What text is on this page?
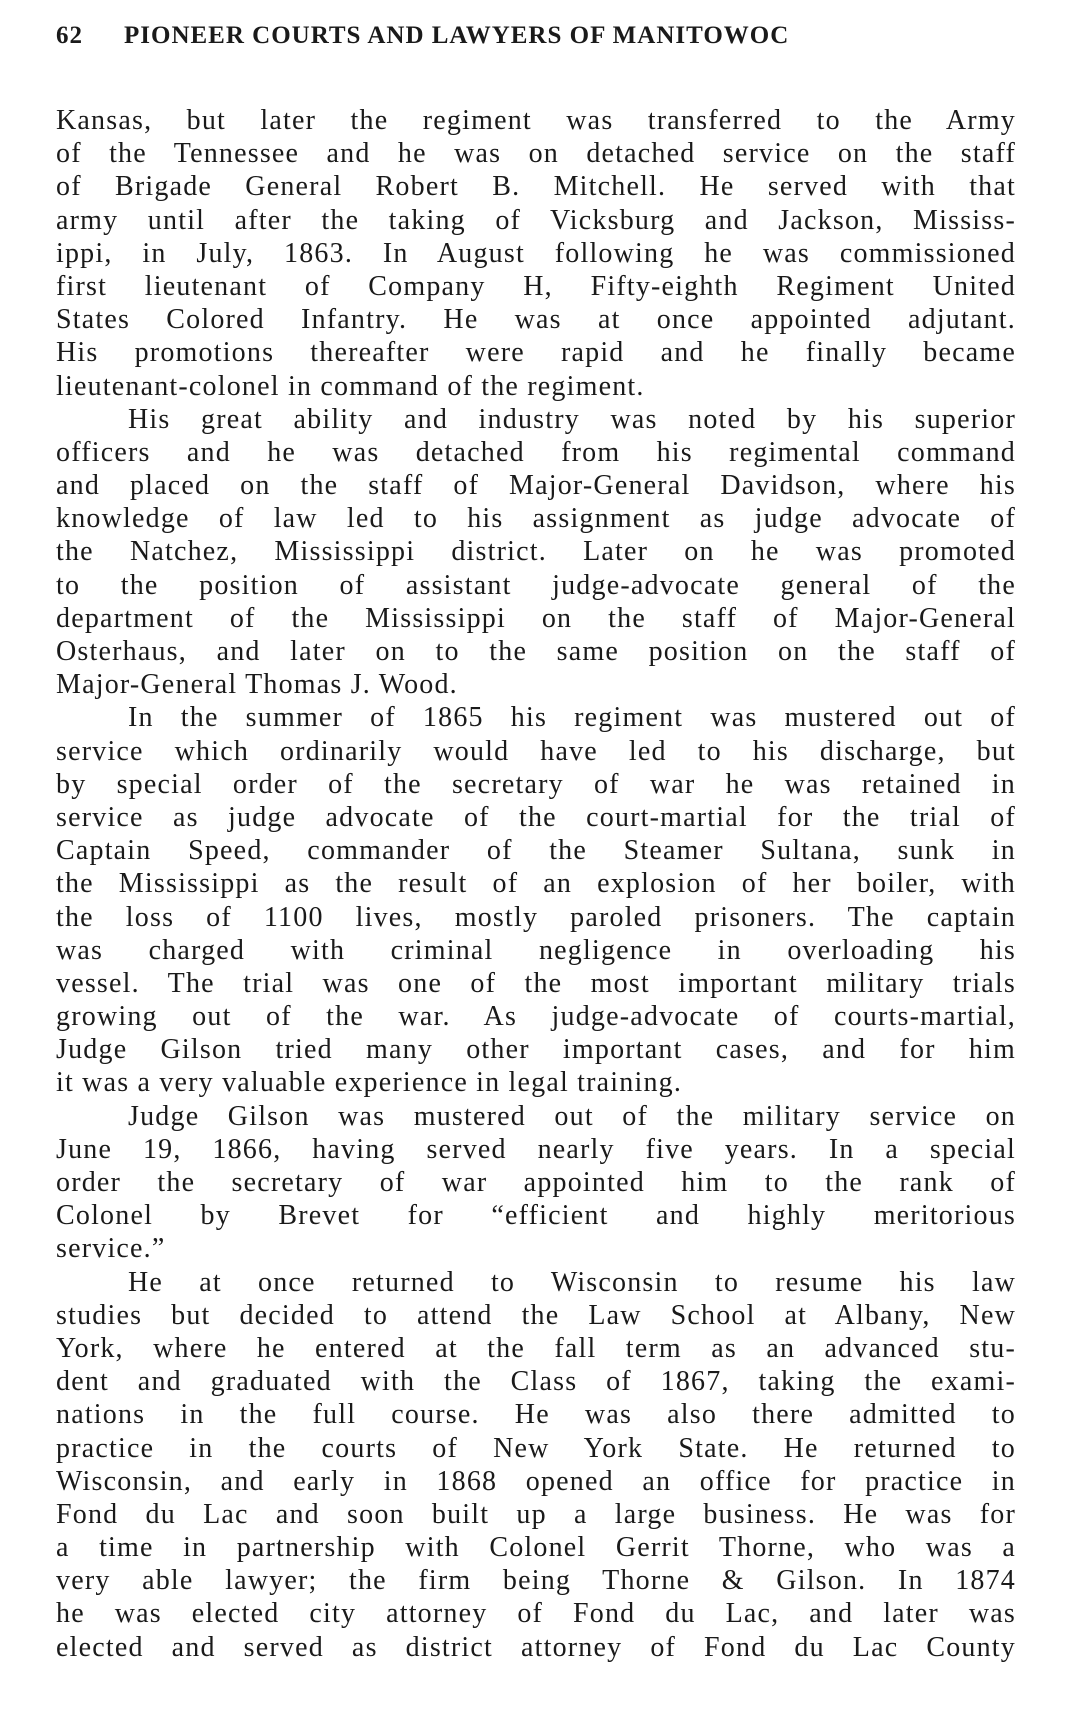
62	PIONEER COURTS AND LAWYERS OF MANITOWOC
Kansas, but later the regiment was transferred to the Army
of the Tennessee and he was on detached service on the staff
of Brigade General Robert B. Mitchell. He served with that
army until after the taking of Vicksburg and Jackson, Mississ-
ippi, in July, 1863. In August following he was commissioned
first lieutenant of Company H, Fifty-eighth Regiment United
States Colored Infantry. He was at once appointed adjutant.
His promotions thereafter were rapid and he finally became
lieutenant-colonel in command of the regiment.
His great ability and industry was noted by his superior
officers and he was detached from his regimental command
and placed on the staff of Major-General Davidson, where his
knowledge of law led to his assignment as judge advocate of
the Natchez, Mississippi district. Later on he was promoted
to the position of assistant judge-advocate general of the
department of the Mississippi on the staff of Major-General
Osterhaus, and later on to the same position on the staff of
Major-General Thomas J. Wood.
In the summer of 1865 his regiment was mustered out of
service which ordinarily would have led to his discharge, but
by special order of the secretary of war he was retained in
service as judge advocate of the court-martial for the trial of
Captain Speed, commander of the Steamer Sultana, sunk in
the Mississippi as the result of an explosion of her boiler, with
the loss of 1100 lives, mostly paroled prisoners. The captain
was charged with criminal negligence in overloading his
vessel. The trial was one of the most important military trials
growing out of the war. As judge-advocate of courts-martial,
Judge Gilson tried many other important cases, and for him
it was a very valuable experience in legal training.
Judge Gilson was mustered out of the military service on
June 19, 1866, having served nearly five years. In a special
order the secretary of war appointed him to the rank of
Colonel by Brevet for “efficient and highly meritorious
service.”
He at once returned to Wisconsin to resume his law
studies but decided to attend the Law School at Albany, New
York, where he entered at the fall term as an advanced stu-
dent and graduated with the Class of 1867, taking the exami-
nations in the full course. He was also there admitted to
practice in the courts of New York State. He returned to
Wisconsin, and early in 1868 opened an office for practice in
Fond du Lac and soon built up a large business. He was for
a time in partnership with Colonel Gerrit Thorne, who was a
very able lawyer; the firm being Thorne & Gilson. In 1874
he was elected city attorney of Fond du Lac, and later was
elected and served as district attorney of Fond du Lac County
